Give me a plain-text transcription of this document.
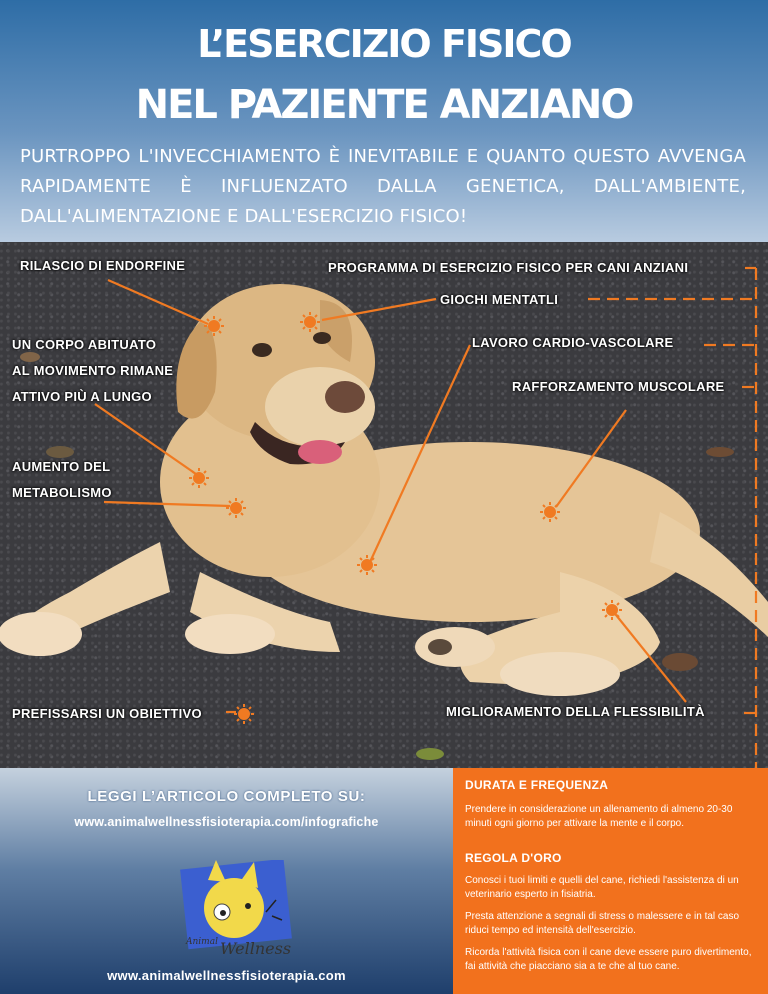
L’ESERCIZIO FISICO
NEL PAZIENTE ANZIANO
PURTROPPO L'INVECCHIAMENTO È INEVITABILE E QUANTO QUESTO AVVENGA RAPIDAMENTE È INFLUENZATO DALLA GENETICA, DALL'AMBIENTE, DALL'ALIMENTAZIONE E DALL'ESERCIZIO FISICO!
RILASCIO DI ENDORFINE	PROGRAMMA DI ESERCIZIO FISICO PER CANI ANZIANI
GIOCHI MENTATLI
UN CORPO ABITUATO
AL MOVIMENTO RIMANE
ATTIVO PIÙ A LUNGO
LAVORO CARDIO-VASCOLARE
RAFFORZAMENTO MUSCOLARE
AUMENTO DEL
METABOLISMO
PREFISSARSI UN OBIETTIVO	MIGLIORAMENTO DELLA FLESSIBILITÀ
LEGGI L’ARTICOLO COMPLETO SU:
www.animalwellnessfisioterapia.com/infografiche
Animal Wellness
www.animalwellnessfisioterapia.com
DURATA E FREQUENZA
Prendere in considerazione un allenamento di almeno 20-30 minuti ogni giorno per attivare la mente e il corpo.
REGOLA D'ORO
Conosci i tuoi limiti e quelli del cane, richiedi l'assistenza di un veterinario esperto in fisiatria.
Presta attenzione a segnali di stress o malessere e in tal caso riduci tempo ed intensità dell'esercizio.
Ricorda l'attività fisica con il cane deve essere puro divertimento, fai attività che piacciano sia a te che al tuo cane.
